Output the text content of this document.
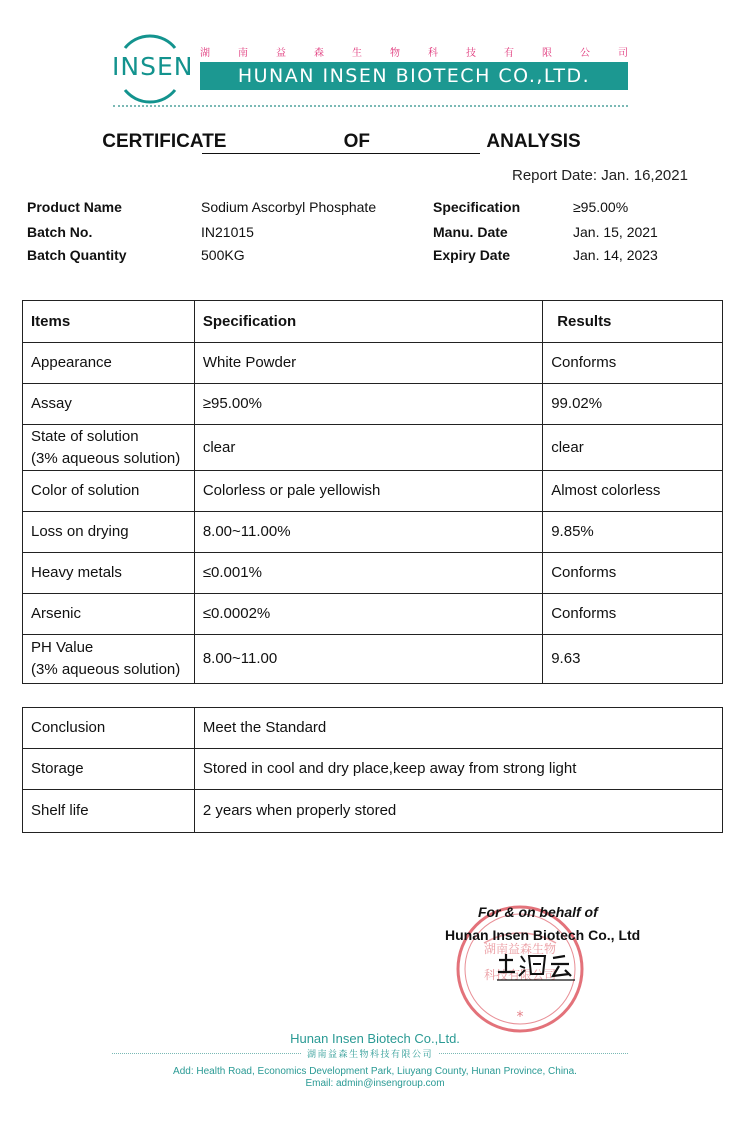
INSEN 湖	南	益	森	生	物	科	技	有	限	公	司
HUNAN INSEN BIOTECH CO.,LTD.
CERTIFICATE    OF    ANALYSIS
Report Date: Jan. 16,2021
Product Name	Sodium Ascorbyl Phosphate	Specification	≥95.00%
Batch No.	IN21015	Manu. Date	Jan. 15, 2021
Batch Quantity	500KG	Expiry Date	Jan. 14, 2023
Items	Specification	Results
Appearance	White Powder	Conforms
Assay	≥95.00%	99.02%

State of solution
(3% aqueous solution)	clear	clear
Color of solution	Colorless or pale yellowish	Almost colorless
Loss on drying	8.00~11.00%	9.85%
Heavy metals	≤0.001%	Conforms
Arsenic	≤0.0002%	Conforms

PH Value
(3% aqueous solution)	8.00~11.00	9.63
Conclusion	Meet the Standard
Storage	Stored in cool and dry place,keep away from strong light
Shelf life	2 years when properly stored
湖南益森生物
科技有限公司
*
For & on behalf of
Hunan Insen Biotech Co., Ltd
Hunan Insen Biotech Co.,Ltd.
湖南益森生物科技有限公司
Add: Health Road, Economics Development Park, Liuyang County, Hunan Province, China.
Email: admin@insengroup.com
